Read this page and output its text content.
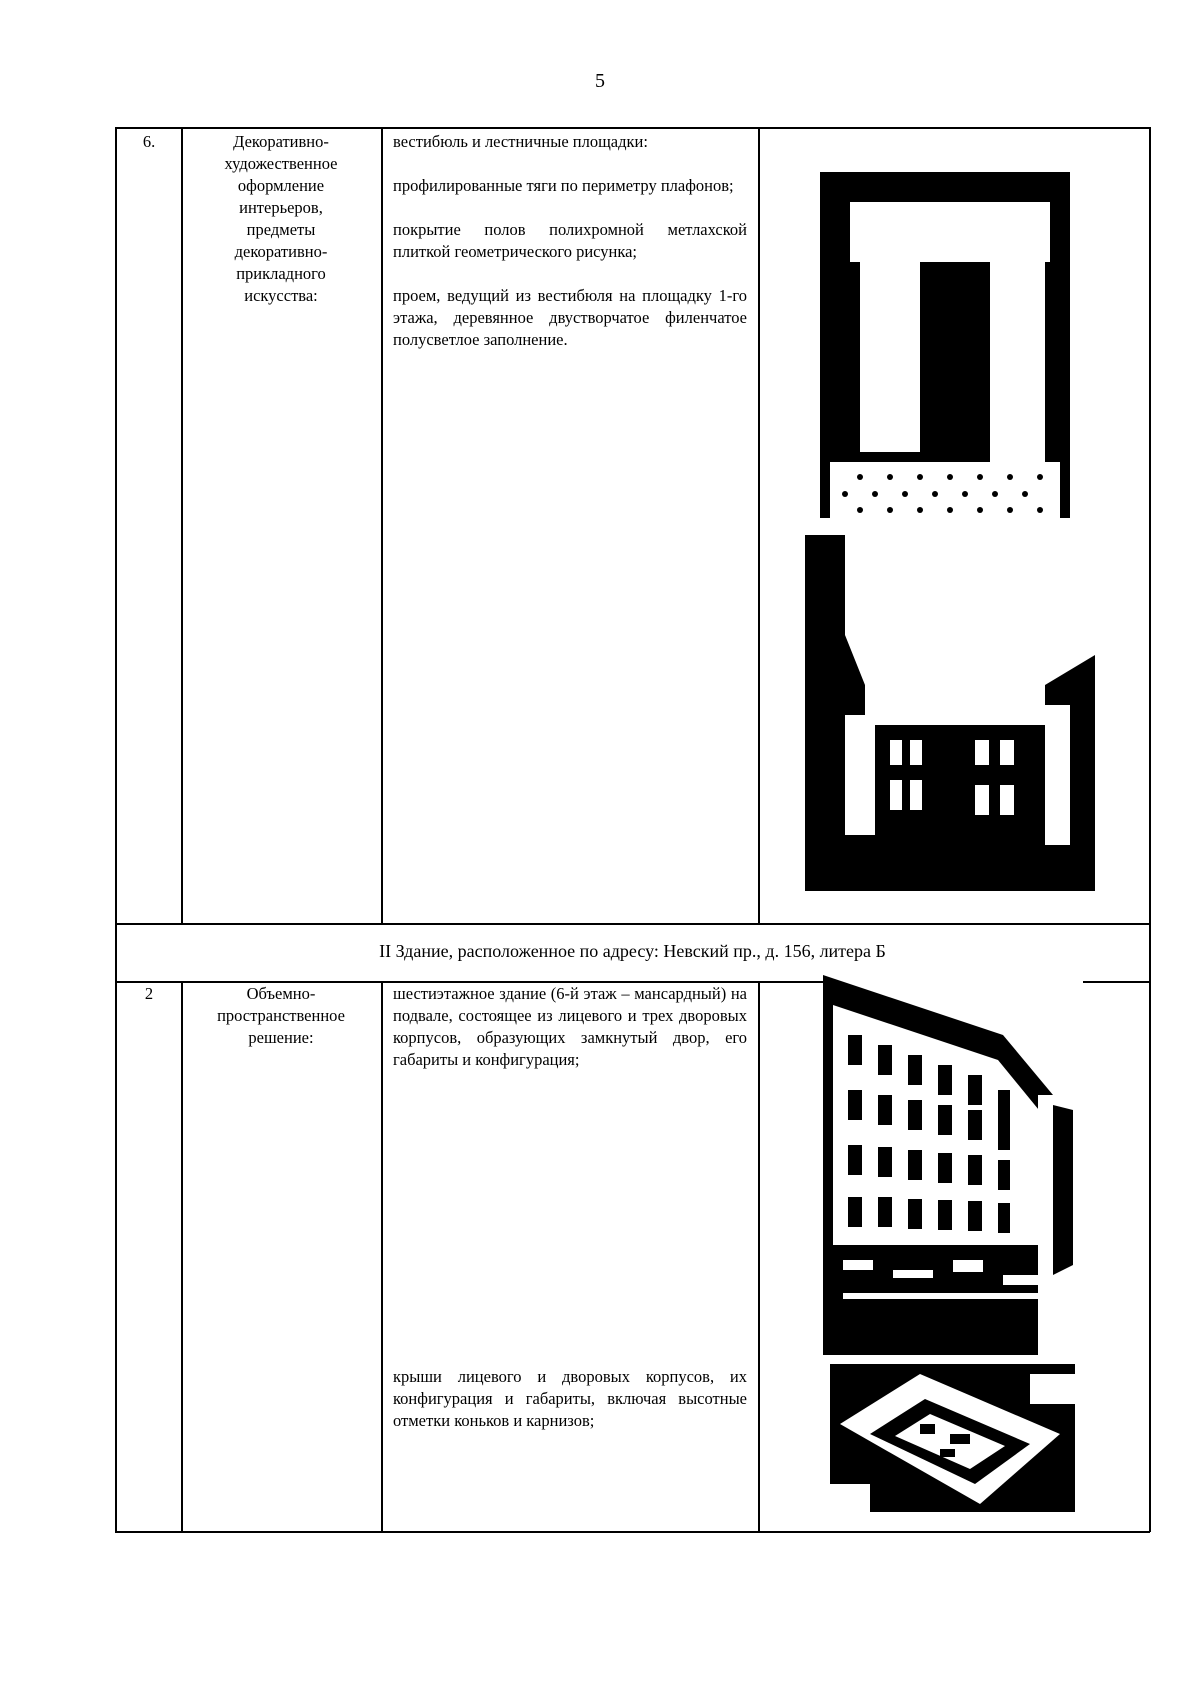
5
6.	Декоративно-художественное оформление интерьеров, предметы декоративно-прикладного искусства:

вестибюль и лестничные площадки:

профилированные тяги по периметру плафонов;

покрытие полов полихромной метлахской плиткой геометрического рисунка;

проем, ведущий из вестибюля на площадку 1-го этажа, деревянное двустворчатое филенчатое полусветлое заполнение.

II Здание, расположенное по адресу: Невский пр., д. 156, литера Б
2	Объемно-пространственное решение:

шестиэтажное здание (6-й этаж – мансардный) на подвале, состоящее из лицевого и трех дворовых корпусов, образующих замкнутый двор, его габариты и конфигурация;

крыши лицевого и дворовых корпусов, их конфигурация и габариты, включая высотные отметки коньков и карнизов;
